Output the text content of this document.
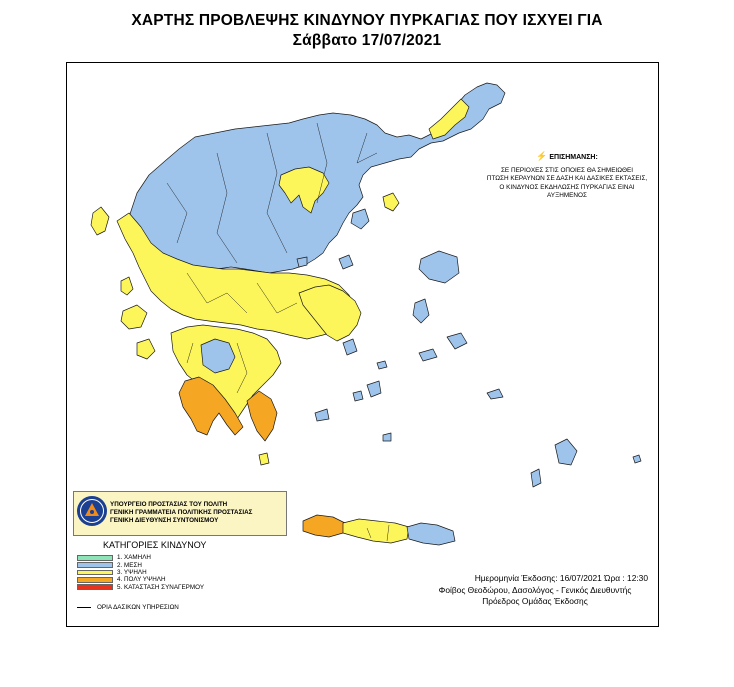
ΧΑΡΤΗΣ ΠΡΟΒΛΕΨΗΣ ΚΙΝΔΥΝΟΥ ΠΥΡΚΑΓΙΑΣ ΠΟΥ ΙΣΧΥΕΙ ΓΙΑ
Σάββατο 17/07/2021
⚡ ΕΠΙΣΗΜΑΝΣΗ:
ΣΕ ΠΕΡΙΟΧΕΣ ΣΤΙΣ ΟΠΟΙΕΣ ΘΑ ΣΗΜΕΙΩΘΕΙ
ΠΤΩΣΗ ΚΕΡΑΥΝΩΝ ΣΕ ΔΑΣΗ ΚΑΙ ΔΑΣΙΚΕΣ ΕΚΤΑΣΕΙΣ,
Ο ΚΙΝΔΥΝΟΣ ΕΚΔΗΛΩΣΗΣ ΠΥΡΚΑΓΙΑΣ ΕΙΝΑΙ ΑΥΞΗΜΕΝΟΣ
ΥΠΟΥΡΓΕΙΟ ΠΡΟΣΤΑΣΙΑΣ ΤΟΥ ΠΟΛΙΤΗ
ΓΕΝΙΚΗ ΓΡΑΜΜΑΤΕΙΑ ΠΟΛΙΤΙΚΗΣ ΠΡΟΣΤΑΣΙΑΣ
ΓΕΝΙΚΗ ΔΙΕΥΘΥΝΣΗ ΣΥΝΤΟΝΙΣΜΟΥ
ΚΑΤΗΓΟΡΙΕΣ ΚΙΝΔΥΝΟΥ
1. ΧΑΜΗΛΗ
2. ΜΕΣΗ
3. ΥΨΗΛΗ
4. ΠΟΛΥ ΥΨΗΛΗ
5. ΚΑΤΑΣΤΑΣΗ ΣΥΝΑΓΕΡΜΟΥ
ΟΡΙΑ ΔΑΣΙΚΩΝ ΥΠΗΡΕΣΙΩΝ
Ημερομηνία Έκδοσης: 16/07/2021 Ώρα : 12:30
Φοίβος Θεοδώρου, Δασολόγος - Γενικός Διευθυντής
Πρόεδρος Ομάδας Έκδοσης
